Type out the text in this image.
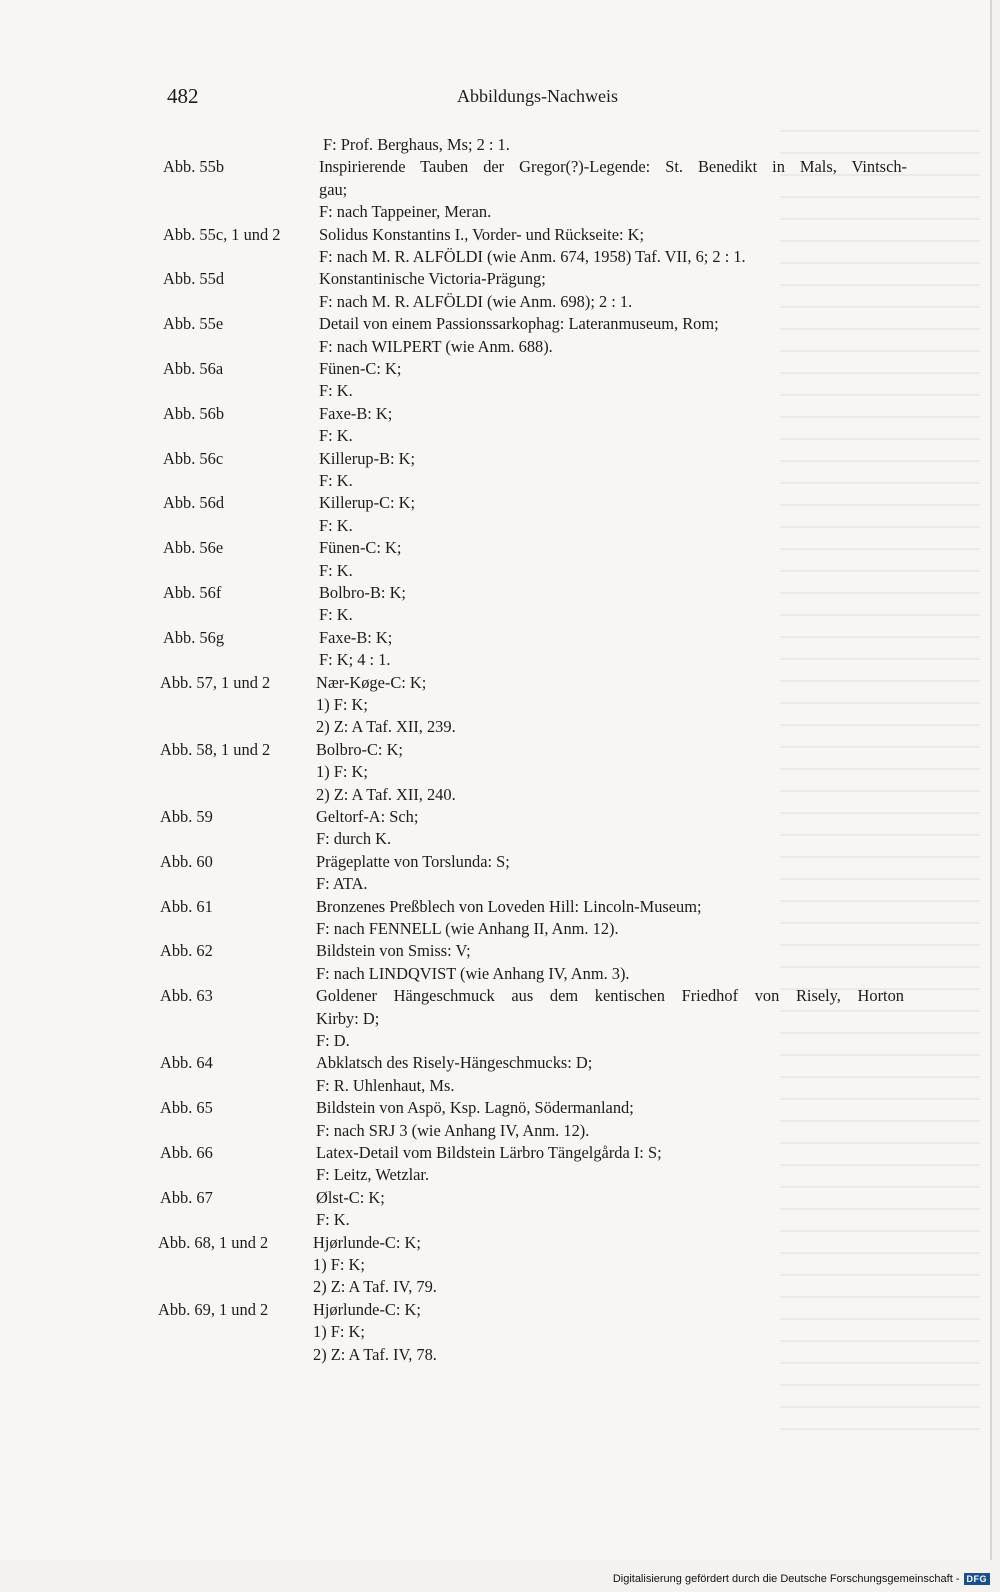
482	Abbildungs-Nachweis
F: Prof. Berghaus, Ms; 2 : 1.
Abb. 55b	Inspirierende Tauben der Gregor(?)-Legende: St. Benedikt in Mals, Vintsch-
gau;
F: nach Tappeiner, Meran.
Abb. 55c, 1 und 2 Solidus Konstantins I., Vorder- und Rückseite: K;
F: nach M. R. ALFÖLDI (wie Anm. 674, 1958) Taf. VII, 6; 2 : 1.
Abb. 55d	Konstantinische Victoria-Prägung;
F: nach M. R. ALFÖLDI (wie Anm. 698); 2 : 1.
Abb. 55e	Detail von einem Passionssarkophag: Lateranmuseum, Rom;
F: nach WILPERT (wie Anm. 688).
Abb. 56a	Fünen-C: K;
F: K.
Abb. 56b	Faxe-B: K;
F: K.
Abb. 56c	Killerup-B: K;
F: K.
Abb. 56d	Killerup-C: K;
F: K.
Abb. 56e	Fünen-C: K;
F: K.
Abb. 56f	Bolbro-B: K;
F: K.
Abb. 56g	Faxe-B: K;
F: K; 4 : 1.
Abb. 57, 1 und 2	Nær-Køge-C: K;
1) F: K;
2) Z: A Taf. XII, 239.
Abb. 58, 1 und 2	Bolbro-C: K;
1) F: K;
2) Z: A Taf. XII, 240.
Abb. 59	Geltorf-A: Sch;
F: durch K.
Abb. 60	Prägeplatte von Torslunda: S;
F: ATA.
Abb. 61	Bronzenes Preßblech von Loveden Hill: Lincoln-Museum;
F: nach FENNELL (wie Anhang II, Anm. 12).
Abb. 62	Bildstein von Smiss: V;
F: nach LINDQVIST (wie Anhang IV, Anm. 3).
Abb. 63	Goldener Hängeschmuck aus dem kentischen Friedhof von Risely, Horton
Kirby: D;
F: D.
Abb. 64	Abklatsch des Risely-Hängeschmucks: D;
F: R. Uhlenhaut, Ms.
Abb. 65	Bildstein von Aspö, Ksp. Lagnö, Södermanland;
F: nach SRJ 3 (wie Anhang IV, Anm. 12).
Abb. 66	Latex-Detail vom Bildstein Lärbro Tängelgårda I: S;
F: Leitz, Wetzlar.
Abb. 67	Ølst-C: K;
F: K.
Abb. 68, 1 und 2	Hjørlunde-C: K;
1) F: K;
2) Z: A Taf. IV, 79.
Abb. 69, 1 und 2	Hjørlunde-C: K;
1) F: K;
2) Z: A Taf. IV, 78.
Digitalisierung gefördert durch die Deutsche Forschungsgemeinschaft - DFG
